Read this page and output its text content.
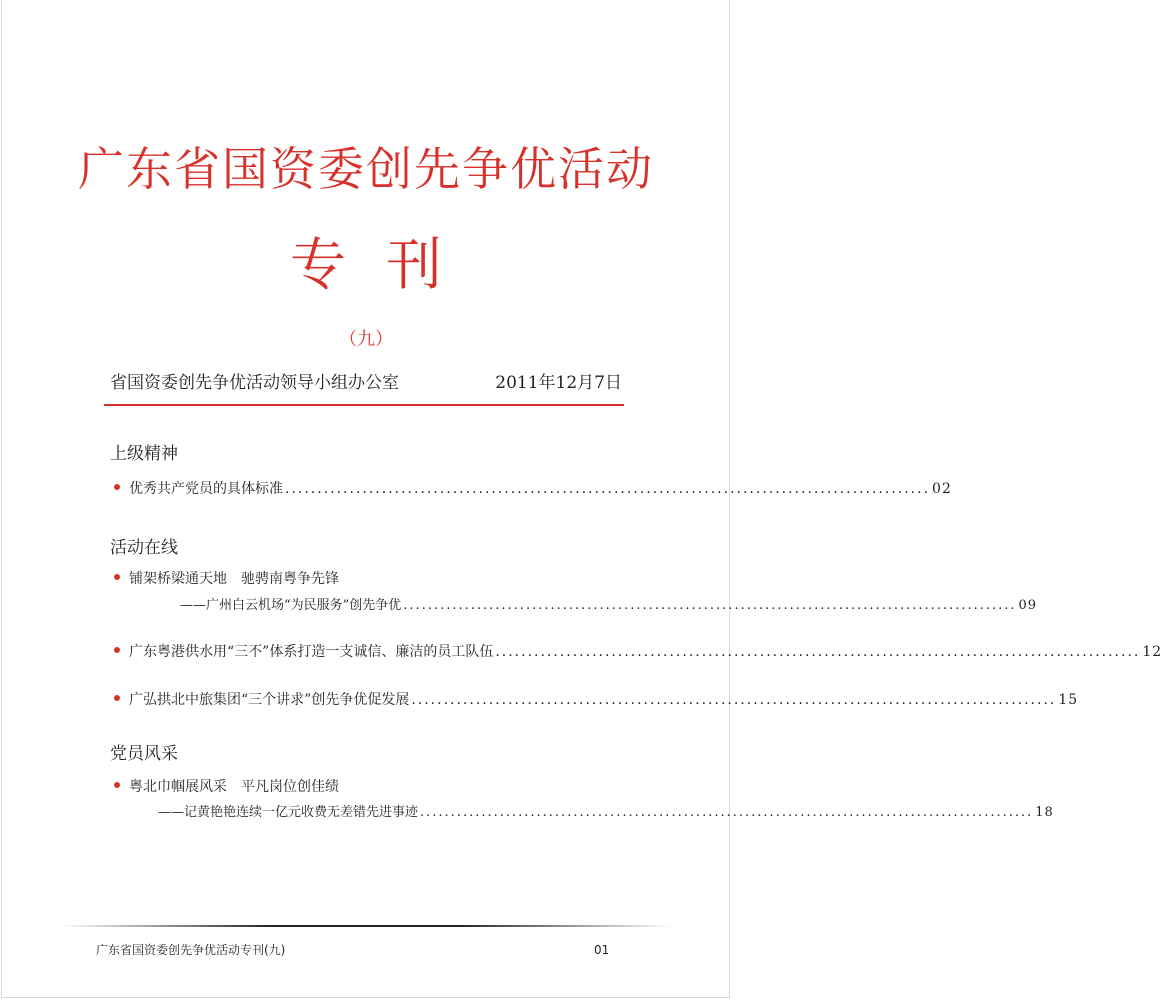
广东省国资委创先争优活动
专刊
（九）
省国资委创先争优活动领导小组办公室	2011年12月7日
上级精神
优秀共产党员的具体标准 .................................................................................................... 02
活动在线
铺架桥梁通天地　驰骋南粤争先锋
——广州白云机场“为民服务”创先争优 .................................................................................................... 09
广东粤港供水用“三不”体系打造一支诚信、廉洁的员工队伍 .................................................................................................... 12
广弘拱北中旅集团“三个讲求”创先争优促发展 .................................................................................................... 15
党员风采
粤北巾帼展风采　平凡岗位创佳绩
——记黄艳艳连续一亿元收费无差错先进事迹 .................................................................................................... 18
广东省国资委创先争优活动专刊(九)	01
